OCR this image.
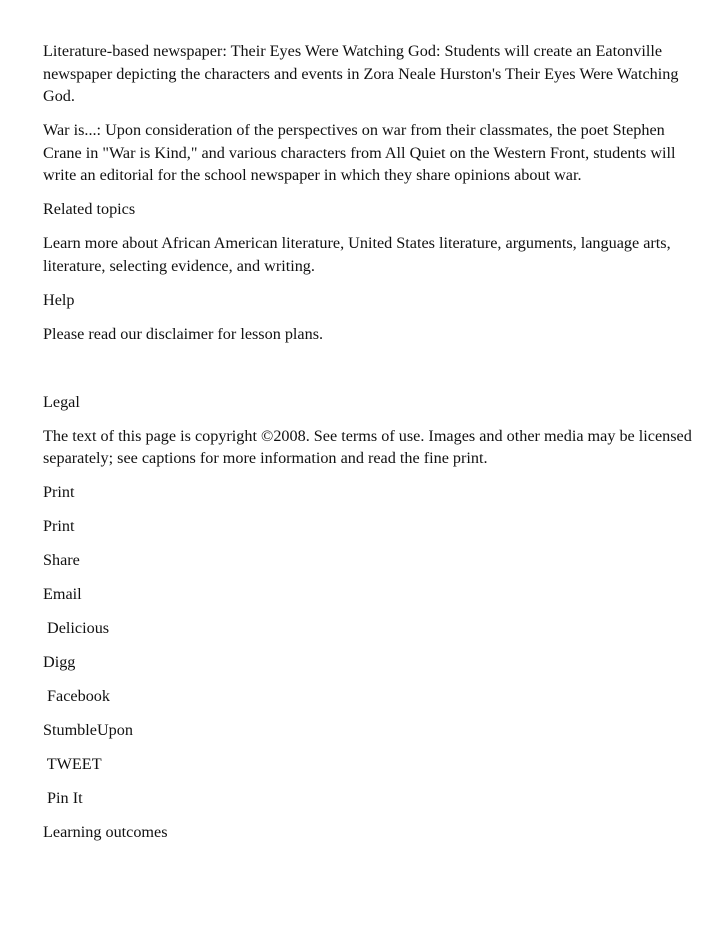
Literature-based newspaper: Their Eyes Were Watching God: Students will create an Eatonville newspaper depicting the characters and events in Zora Neale Hurston's Their Eyes Were Watching God.

War is...: Upon consideration of the perspectives on war from their classmates, the poet Stephen Crane in "War is Kind," and various characters from All Quiet on the Western Front, students will write an editorial for the school newspaper in which they share opinions about war.

Related topics

Learn more about African American literature, United States literature, arguments, language arts, literature, selecting evidence, and writing.

Help

Please read our disclaimer for lesson plans.

Legal

The text of this page is copyright ©2008. See terms of use. Images and other media may be licensed separately; see captions for more information and read the fine print.

Print

Print

Share

Email

Delicious

Digg

Facebook

StumbleUpon

TWEET

Pin It

Learning outcomes
